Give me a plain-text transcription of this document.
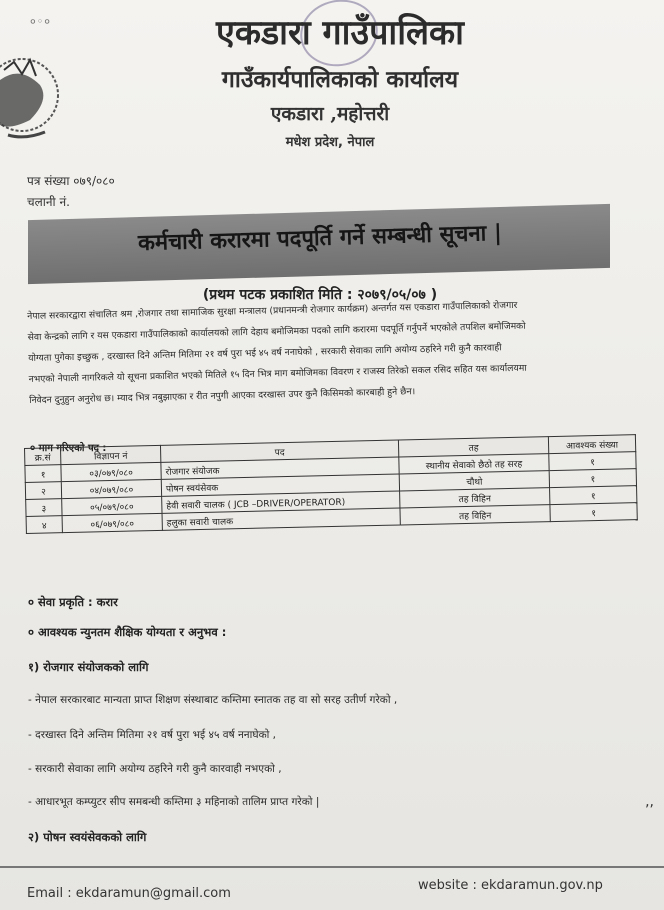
०◦०	एकडारा गाउँपालिका
गाउँकार्यपालिकाको कार्यालय
एकडारा ,महोत्तरी
मधेश प्रदेश, नेपाल
पत्र संख्या ०७९/०८०
चलानी नं.
कर्मचारी करारमा पदपूर्ति गर्ने सम्बन्धी सूचना |
(प्रथम पटक प्रकाशित मिति : २०७९/०५/०७ )
नेपाल सरकारद्वारा संचालित श्रम ,रोजगार तथा सामाजिक सुरक्षा मन्त्रालय (प्रधानमन्त्री रोजगार कार्यक्रम) अन्तर्गत यस एकडारा गाउँपालिकाको रोजगार
सेवा केन्द्रको लागि र यस एकडारा गाउँपालिकाको कार्यालयको लागि देहाय बमोजिमका पदको लागि करारमा पदपूर्ति गर्नुपर्ने भएकोले तपशिल बमोजिमको
योग्यता पुगेका इच्छुक , दरखास्त दिने अन्तिम मितिमा २१ वर्ष पुरा भई ४५ वर्ष ननाघेको , सरकारी सेवाका लागि अयोग्य ठहरिने गरी कुनै कारवाही
नभएको नेपाली नागरिकले यो सूचना प्रकाशित भएको मितिले १५ दिन भित्र माग बमोजिमका विवरण र राजस्व तिरेको सकल रसिद सहित यस कार्यालयमा
निवेदन दुनुहुन अनुरोध छ। म्याद भित्र नबुझाएका र रीत नपुगी आएका दरखास्त उपर कुनै किसिमको कारबाही हुने छैन।
० माग गरिएको पद :
क्र.सं	विज्ञापन नं	पद	तह	आवश्यक संख्या
१	०३/०७९/०८०	रोजगार संयोजक	स्थानीय सेवाको छैठो तह सरह	१
२	०४/०७९/०८०	पोषन स्वयंसेवक	चौथो	१
३	०५/०७९/०८०	हेवी सवारी चालक ( JCB –DRIVER/OPERATOR)	तह विहिन	१
४	०६/०७९/०८०	हलुका सवारी चालक	तह विहिन	१
० सेवा प्रकृति : करार
० आवश्यक न्युनतम शैक्षिक योग्यता र अनुभव :
१) रोजगार संयोजकको लागि
- नेपाल सरकारबाट मान्यता प्राप्त शिक्षण संस्थाबाट कम्तिमा स्नातक तह वा सो सरह उतीर्ण गरेको ,
- दरखास्त दिने अन्तिम मितिमा २१ वर्ष पुरा भई ४५ वर्ष ननाघेको ,
- सरकारी सेवाका लागि अयोग्य ठहरिने गरी कुनै कारवाही नभएको ,
- आधारभूत कम्प्युटर सीप समबन्धी कम्तिमा ३ महिनाको तालिम प्राप्त गरेको |	‚,
२) पोषन स्वयंसेवकको लागि
Email : ekdaramun@gmail.com
website : ekdaramun.gov.np
